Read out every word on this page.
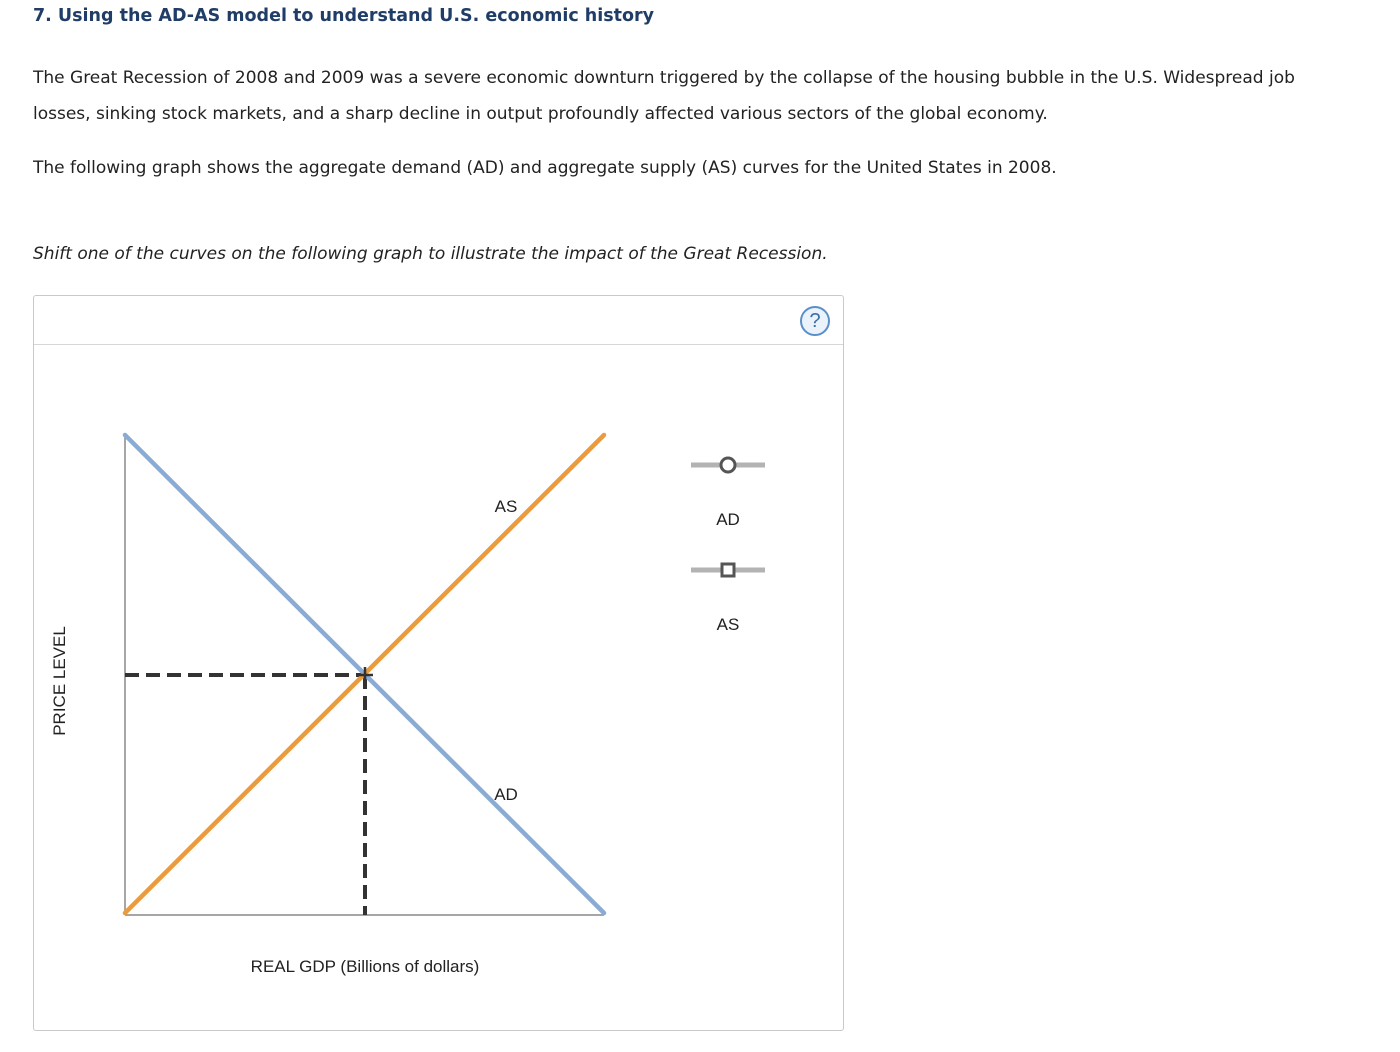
7. Using the AD-AS model to understand U.S. economic history
The Great Recession of 2008 and 2009 was a severe economic downturn triggered by the collapse of the housing bubble in the U.S. Widespread job
losses, sinking stock markets, and a sharp decline in output profoundly affected various sectors of the global economy.
The following graph shows the aggregate demand (AD) and aggregate supply (AS) curves for the United States in 2008.
Shift one of the curves on the following graph to illustrate the impact of the Great Recession.
?
AS
AD
REAL GDP (Billions of dollars)
PRICE LEVEL
AD
AS
